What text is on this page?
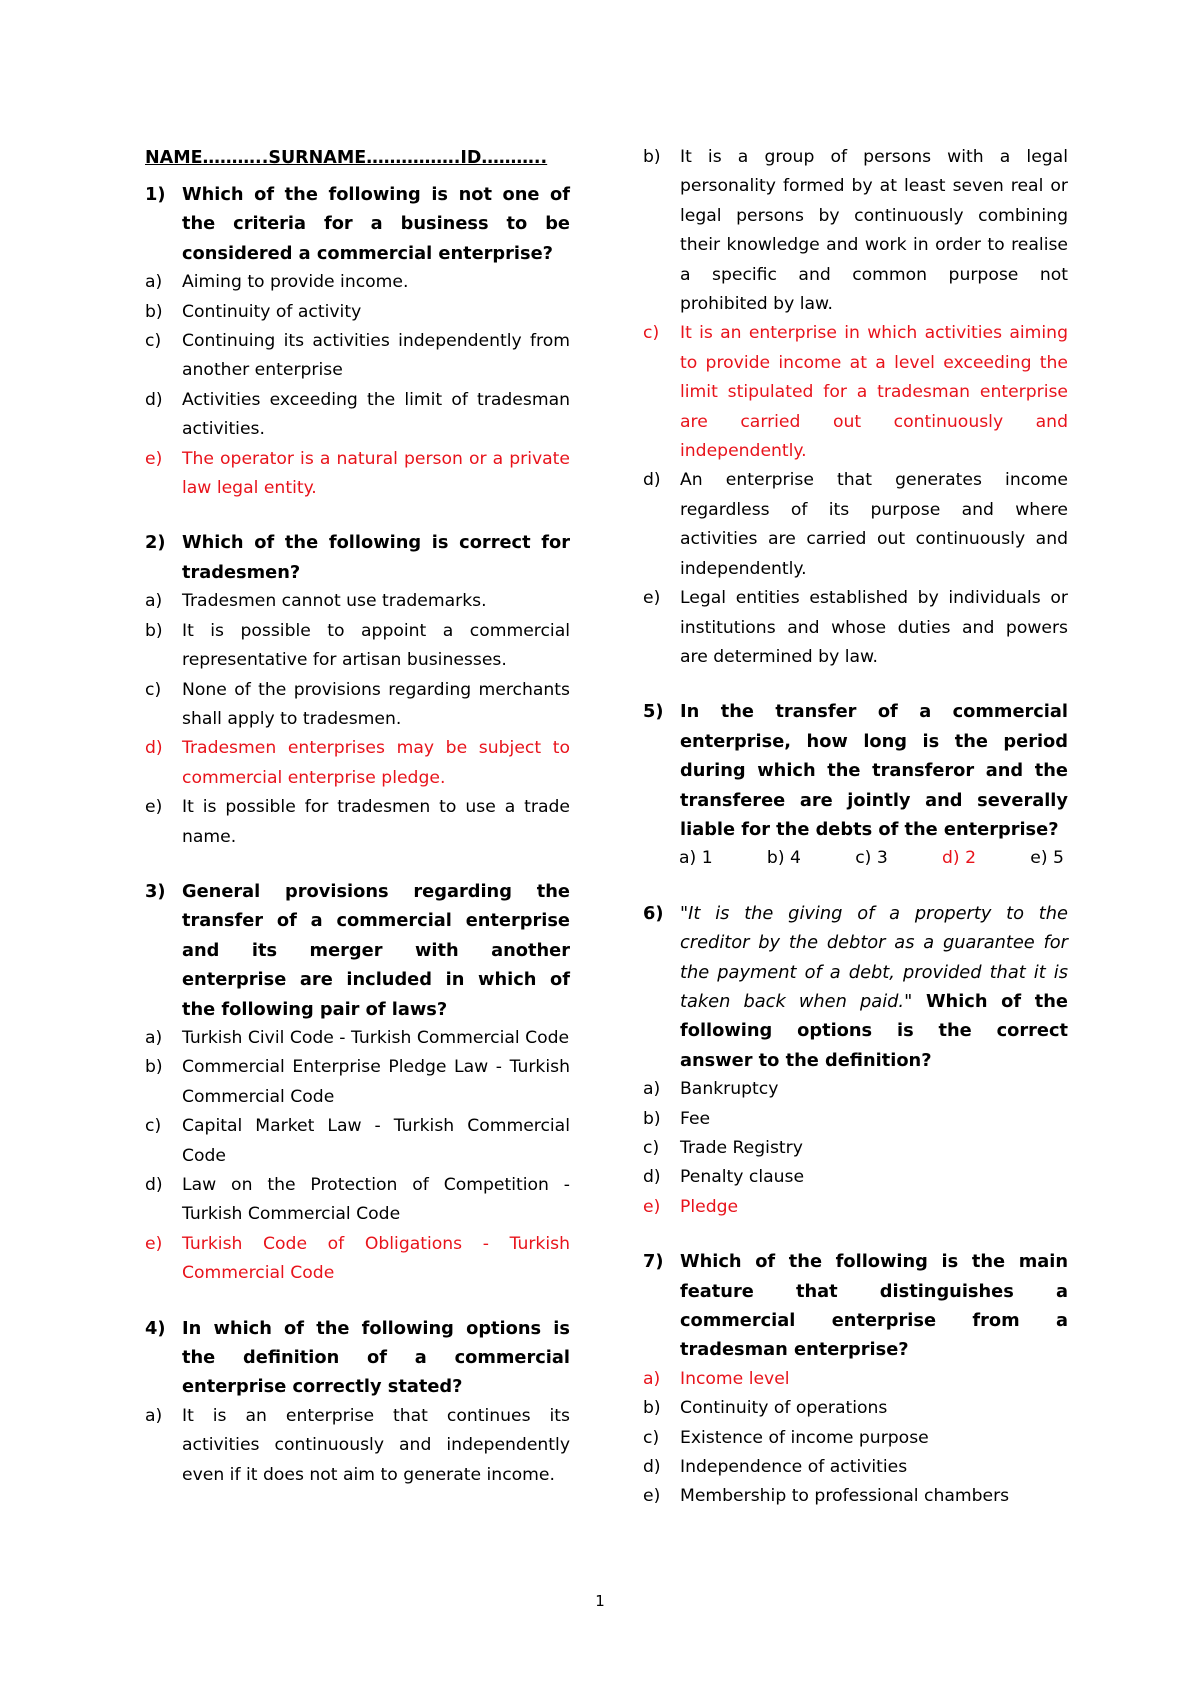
NAME………..SURNAME…………….ID………..
1) Which of the following is not one of the criteria for a business to be considered a commercial enterprise?
a)	Aiming to provide income.
b)	Continuity of activity
c)	Continuing its activities independently from another enterprise
d)	Activities exceeding the limit of tradesman activities.
e)	The operator is a natural person or a private law legal entity.
2) Which of the following is correct for tradesmen?
a)	Tradesmen cannot use trademarks.
b)	It is possible to appoint a commercial representative for artisan businesses.
c)	None of the provisions regarding merchants shall apply to tradesmen.
d)	Tradesmen enterprises may be subject to commercial enterprise pledge.
e)	It is possible for tradesmen to use a trade name.
3) General provisions regarding the transfer of a commercial enterprise and its merger with another enterprise are included in which of the following pair of laws?
a)	Turkish Civil Code - Turkish Commercial Code
b)	Commercial Enterprise Pledge Law - Turkish Commercial Code
c)	Capital Market Law - Turkish Commercial Code
d)	Law on the Protection of Competition - Turkish Commercial Code
e)	Turkish Code of Obligations - Turkish Commercial Code
4) In which of the following options is the definition of a commercial enterprise correctly stated?
a)	It is an enterprise that continues its activities continuously and independently even if it does not aim to generate income.
b)	It is a group of persons with a legal personality formed by at least seven real or legal persons by continuously combining their knowledge and work in order to realise a specific and common purpose not prohibited by law.
c)	It is an enterprise in which activities aiming to provide income at a level exceeding the limit stipulated for a tradesman enterprise are carried out continuously and independently.
d)	An enterprise that generates income regardless of its purpose and where activities are carried out continuously and independently.
e)	Legal entities established by individuals or institutions and whose duties and powers are determined by law.
5) In the transfer of a commercial enterprise, how long is the period during which the transferor and the transferee are jointly and severally liable for the debts of the enterprise?
a) 1	b) 4	c) 3	d) 2	e) 5
6) "It is the giving of a property to the creditor by the debtor as a guarantee for the payment of a debt, provided that it is taken back when paid." Which of the following options is the correct answer to the definition?
a)	Bankruptcy
b)	Fee
c)	Trade Registry
d)	Penalty clause
e)	Pledge
7) Which of the following is the main feature that distinguishes a commercial enterprise from a tradesman enterprise?
a)	Income level
b)	Continuity of operations
c)	Existence of income purpose
d)	Independence of activities
e)	Membership to professional chambers
1
